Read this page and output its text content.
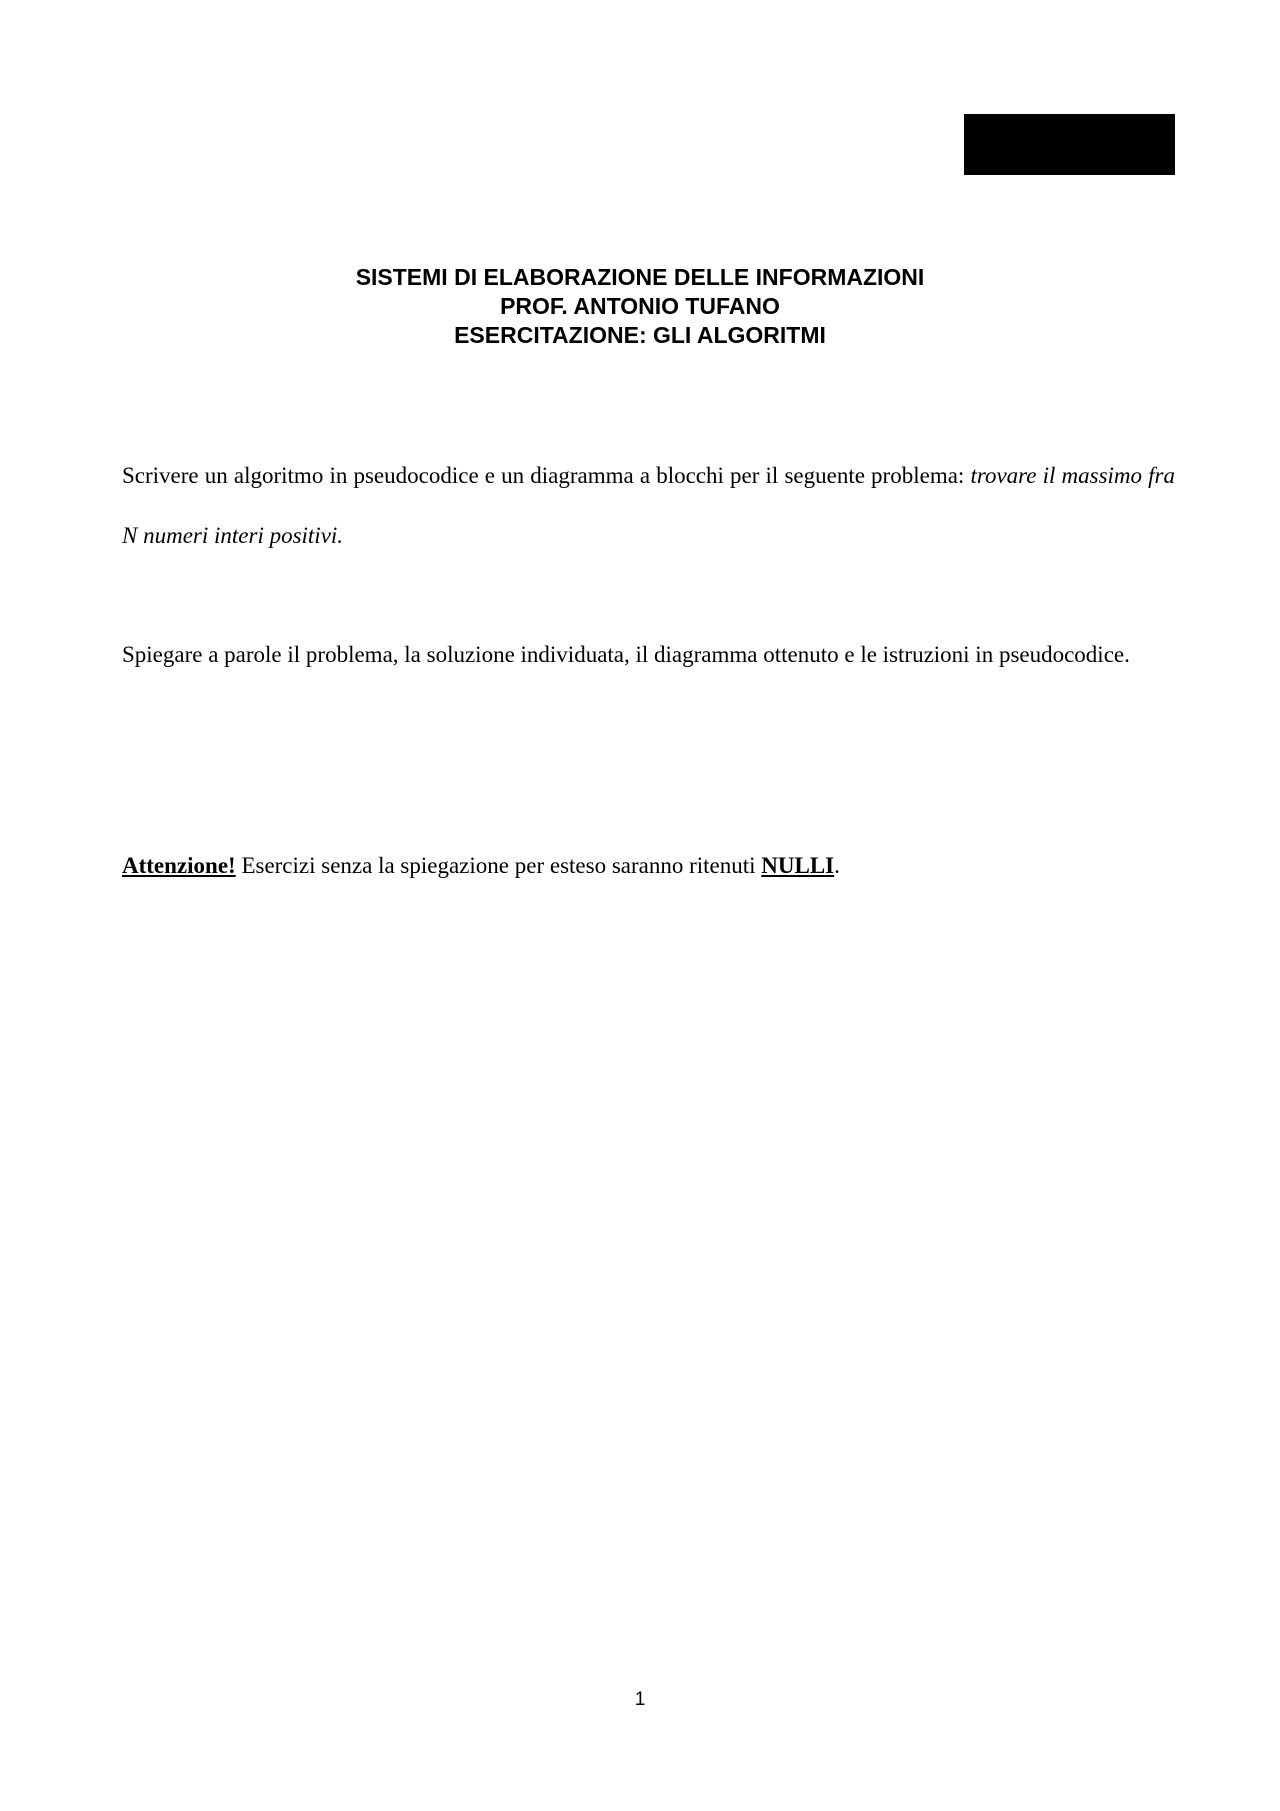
SISTEMI DI ELABORAZIONE DELLE INFORMAZIONI
PROF. ANTONIO TUFANO
ESERCITAZIONE: GLI ALGORITMI

Scrivere un algoritmo in pseudocodice e un diagramma a blocchi per il seguente problema: trovare il massimo fra N numeri interi positivi.

Spiegare a parole il problema, la soluzione individuata, il diagramma ottenuto e le istruzioni in pseudocodice.

Attenzione! Esercizi senza la spiegazione per esteso saranno ritenuti NULLI.

1
